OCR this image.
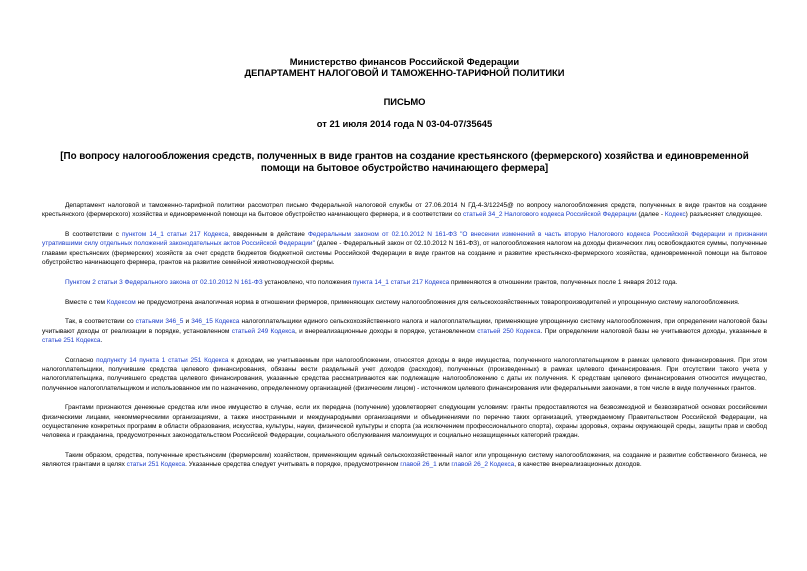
Министерство финансов Российской Федерации

ДЕПАРТАМЕНТ НАЛОГОВОЙ И ТАМОЖЕННО-ТАРИФНОЙ ПОЛИТИКИ

ПИСЬМО

от 21 июля 2014 года N 03-04-07/35645

[По вопросу налогообложения средств, полученных в виде грантов на создание крестьянского (фермерского) хозяйства и единовременной помощи на бытовое обустройство начинающего фермера]

Департамент налоговой и таможенно-тарифной политики рассмотрел письмо Федеральной налоговой службы от 27.06.2014 N ГД-4-3/12245@ по вопросу налогообложения средств, полученных в виде грантов на создание крестьянского (фермерского) хозяйства и единовременной помощи на бытовое обустройство начинающего фермера, и в соответствии со статьей 34_2 Налогового кодекса Российской Федерации (далее - Кодекс) разъясняет следующее.

В соответствии с пунктом 14_1 статьи 217 Кодекса, введенным в действие Федеральным законом от 02.10.2012 N 161-ФЗ "О внесении изменений в часть вторую Налогового кодекса Российской Федерации и признании утратившими силу отдельных положений законодательных актов Российской Федерации" (далее - Федеральный закон от 02.10.2012 N 161-ФЗ), от налогообложения налогом на доходы физических лиц освобождаются суммы, полученные главами крестьянских (фермерских) хозяйств за счет средств бюджетов бюджетной системы Российской Федерации в виде грантов на создание и развитие крестьянско-фермерского хозяйства, единовременной помощи на бытовое обустройство начинающего фермера, грантов на развитие семейной животноводческой фермы.

Пунктом 2 статьи 3 Федерального закона от 02.10.2012 N 161-ФЗ установлено, что положения пункта 14_1 статьи 217 Кодекса применяются в отношении грантов, полученных после 1 января 2012 года.

Вместе с тем Кодексом не предусмотрена аналогичная норма в отношении фермеров, применяющих систему налогообложения для сельскохозяйственных товаропроизводителей и упрощенную систему налогообложения.

Так, в соответствии со статьями 346_5 и 346_15 Кодекса налогоплательщики единого сельскохозяйственного налога и налогоплательщики, применяющие упрощенную систему налогообложения, при определении налоговой базы учитывают доходы от реализации в порядке, установленном статьей 249 Кодекса, и внереализационные доходы в порядке, установленном статьей 250 Кодекса. При определении налоговой базы не учитываются доходы, указанные в статье 251 Кодекса.

Согласно подпункту 14 пункта 1 статьи 251 Кодекса к доходам, не учитываемым при налогообложении, относятся доходы в виде имущества, полученного налогоплательщиком в рамках целевого финансирования. При этом налогоплательщики, получившие средства целевого финансирования, обязаны вести раздельный учет доходов (расходов), полученных (произведенных) в рамках целевого финансирования. При отсутствии такого учета у налогоплательщика, получившего средства целевого финансирования, указанные средства рассматриваются как подлежащие налогообложению с даты их получения. К средствам целевого финансирования относится имущество, полученное налогоплательщиком и использованное им по назначению, определенному организацией (физическим лицом) - источником целевого финансирования или федеральными законами, в том числе в виде полученных грантов.

Грантами признаются денежные средства или иное имущество в случае, если их передача (получение) удовлетворяет следующим условиям: гранты предоставляются на безвозмездной и безвозвратной основах российскими физическими лицами, некоммерческими организациями, а также иностранными и международными организациями и объединениями по перечню таких организаций, утверждаемому Правительством Российской Федерации, на осуществление конкретных программ в области образования, искусства, культуры, науки, физической культуры и спорта (за исключением профессионального спорта), охраны здоровья, охраны окружающей среды, защиты прав и свобод человека и гражданина, предусмотренных законодательством Российской Федерации, социального обслуживания малоимущих и социально незащищенных категорий граждан.

Таким образом, средства, полученные крестьянским (фермерским) хозяйством, применяющим единый сельскохозяйственный налог или упрощенную систему налогообложения, на создание и развитие собственного бизнеса, не являются грантами в целях статьи 251 Кодекса. Указанные средства следует учитывать в порядке, предусмотренном главой 26_1 или главой 26_2 Кодекса, в качестве внереализационных доходов.
